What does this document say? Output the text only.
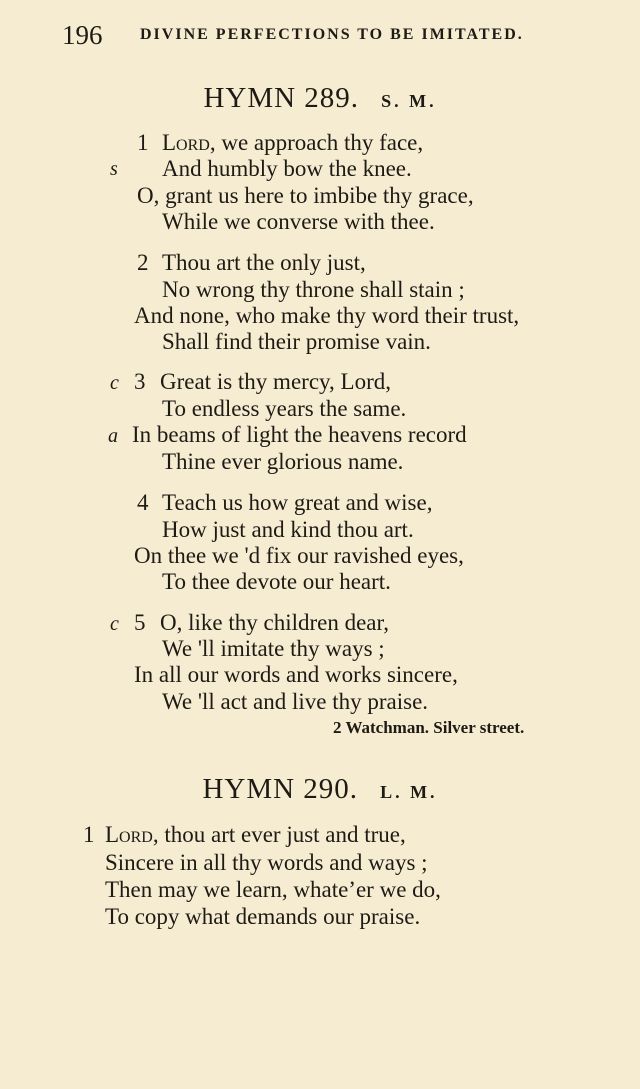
196 DIVINE PERFECTIONS TO BE IMITATED.
HYMN 289. S. M.
1 Lord, we approach thy face,
s And humbly bow the knee.
O, grant us here to imbibe thy grace,
While we converse with thee.
2 Thou art the only just,
No wrong thy throne shall stain ;
And none, who make thy word their trust,
Shall find their promise vain.
c 3 Great is thy mercy, Lord,
To endless years the same.
a In beams of light the heavens record
Thine ever glorious name.
4 Teach us how great and wise,
How just and kind thou art.
On thee we 'd fix our ravished eyes,
To thee devote our heart.
c 5 O, like thy children dear,
We 'll imitate thy ways ;
In all our words and works sincere,
We 'll act and live thy praise.
2 Watchman. Silver street.
HYMN 290. L. M.
1 Lord, thou art ever just and true,
Sincere in all thy words and ways ;
Then may we learn, whate’er we do,
To copy what demands our praise.
